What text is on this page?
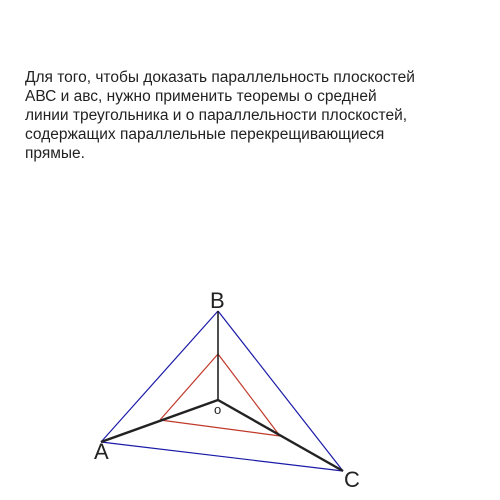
Для того, чтобы доказать параллельность плоскостей
АВС и авс, нужно применить теоремы о средней
линии треугольника и о параллельности плоскостей,
содержащих параллельные перекрещивающиеся
прямые.
B
A
C
o
